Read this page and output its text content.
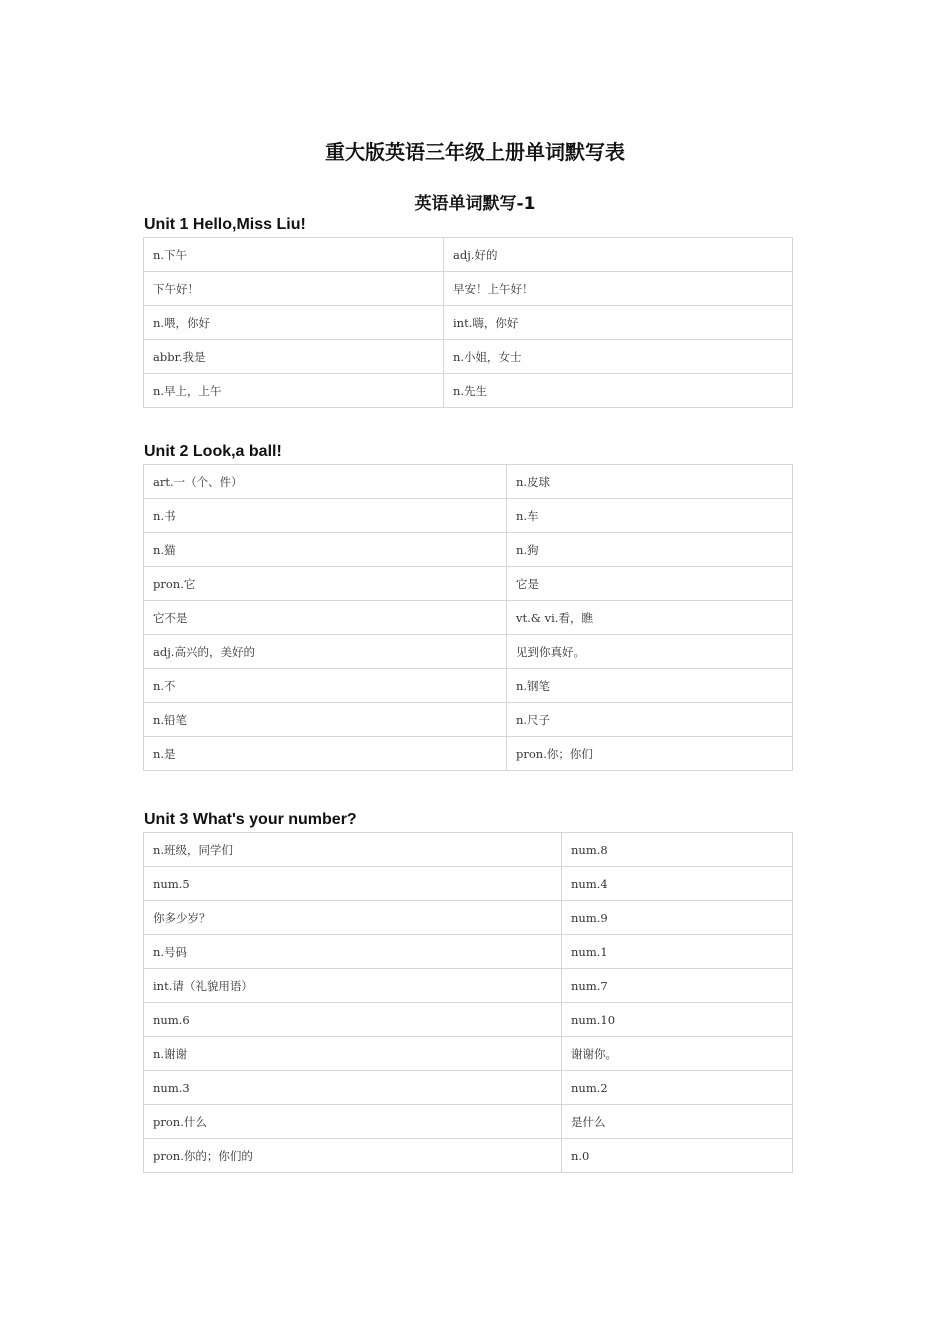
重大版英语三年级上册单词默写表
英语单词默写-1
Unit 1 Hello,Miss Liu!
n.下午	adj.好的
下午好！	早安！上午好！
n.喂，你好	int.嗨，你好
abbr.我是	n.小姐，女士
n.早上，上午	n.先生
Unit 2 Look,a ball!
art.一（个、件）	n.皮球
n.书	n.车
n.猫	n.狗
pron.它	它是
它不是	vt.& vi.看，瞧
adj.高兴的，美好的	见到你真好。
n.不	n.钢笔
n.铅笔	n.尺子
n.是	pron.你；你们
Unit 3 What's your number?
n.班级，同学们	num.8
num.5	num.4
你多少岁？	num.9
n.号码	num.1
int.请（礼貌用语）	num.7
num.6	num.10
n.谢谢	谢谢你。
num.3	num.2
pron.什么	是什么
pron.你的；你们的	n.0
